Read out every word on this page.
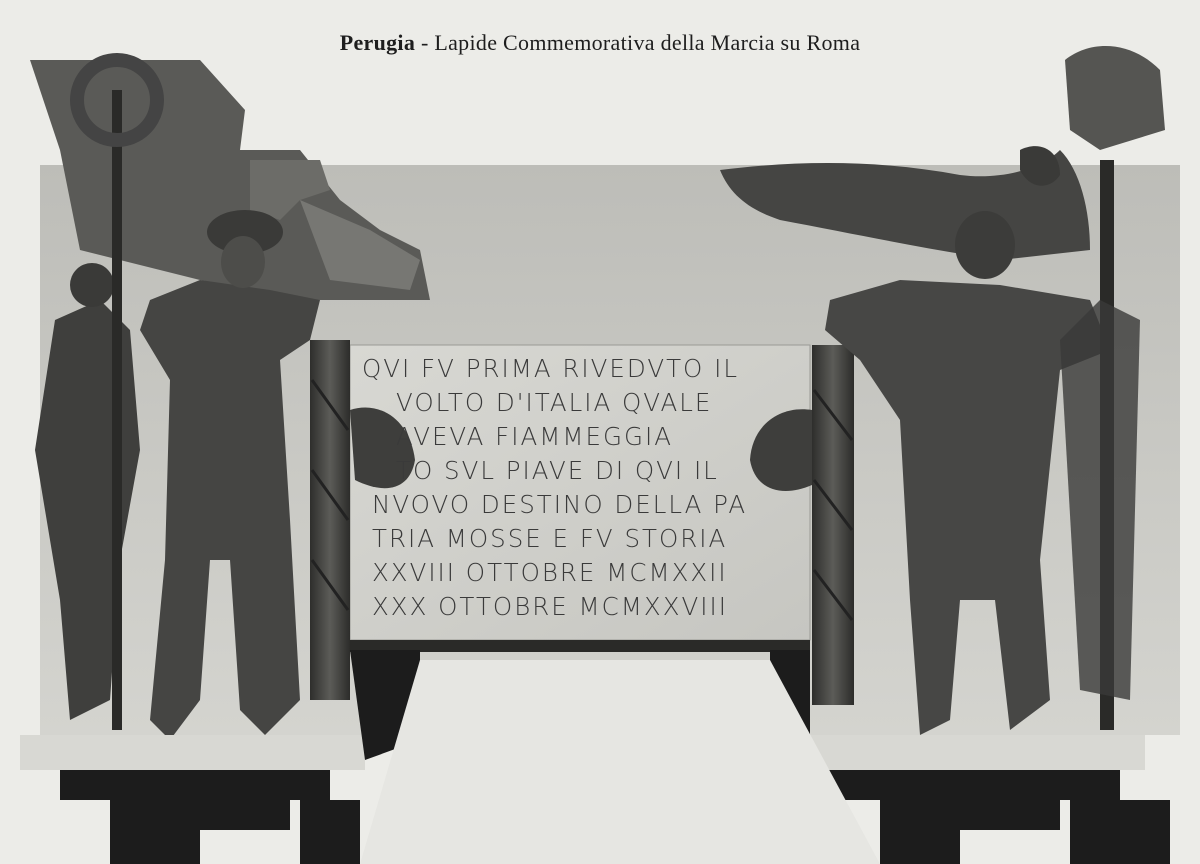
Perugia - Lapide Commemorativa della Marcia su Roma
QVI FV PRIMA RIVEDVTO IL
VOLTO D'ITALIA QVALE
AVEVA FIAMMEGGIA
TO SVL PIAVE DI QVI IL
NVOVO DESTINO DELLA PA
TRIA MOSSE E FV STORIA
XXVIII OTTOBRE MCMXXII
XXX OTTOBRE MCMXXVIII
